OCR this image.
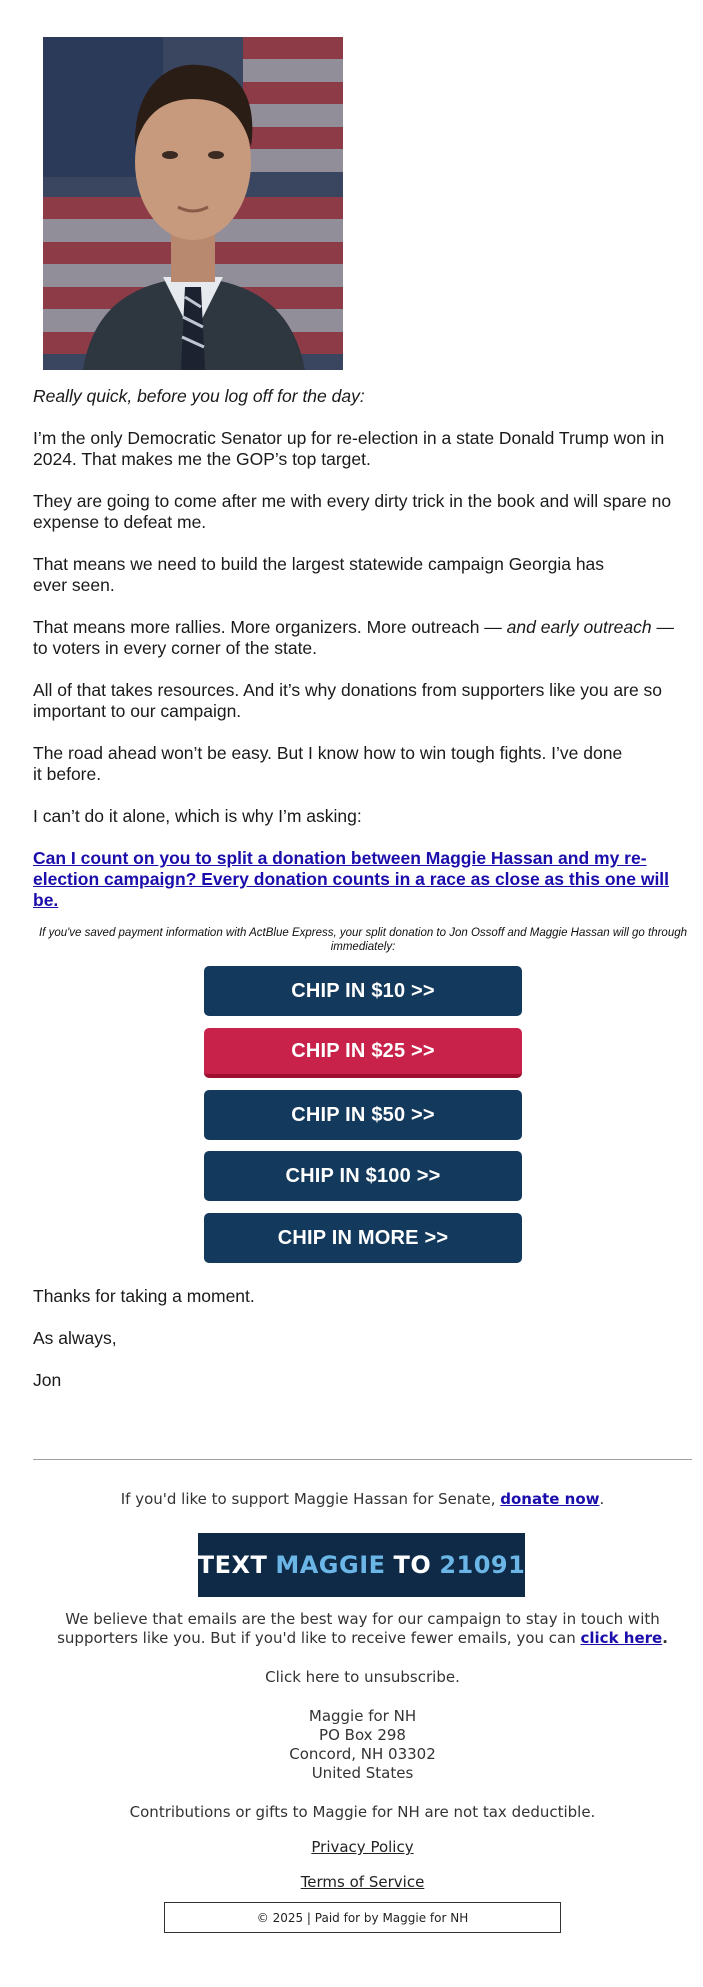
Really quick, before you log off for the day:

I’m the only Democratic Senator up for re-election in a state Donald Trump won in 2024. That makes me the GOP’s top target.

They are going to come after me with every dirty trick in the book and will spare no expense to defeat me.

That means we need to build the largest statewide campaign Georgia has ever seen.

That means more rallies. More organizers. More outreach — and early outreach — to voters in every corner of the state.

All of that takes resources. And it’s why donations from supporters like you are so important to our campaign.

The road ahead won’t be easy. But I know how to win tough fights. I’ve done it before.

I can’t do it alone, which is why I’m asking:

Can I count on you to split a donation between Maggie Hassan and my re-election campaign? Every donation counts in a race as close as this one will be.
If you've saved payment information with ActBlue Express, your split donation to Jon Ossoff and Maggie Hassan will go through immediately:
CHIP IN $10 >>
CHIP IN $25 >>
CHIP IN $50 >>
CHIP IN $100 >>
CHIP IN MORE >>

Thanks for taking a moment.

As always,

Jon

If you'd like to support Maggie Hassan for Senate, donate now.
TEXT MAGGIE TO 21091
We believe that emails are the best way for our campaign to stay in touch with supporters like you. But if you'd like to receive fewer emails, you can click here.
Click here to unsubscribe.
Maggie for NH
PO Box 298
Concord, NH 03302
United States
Contributions or gifts to Maggie for NH are not tax deductible.
Privacy Policy
Terms of Service
© 2025 | Paid for by Maggie for NH
